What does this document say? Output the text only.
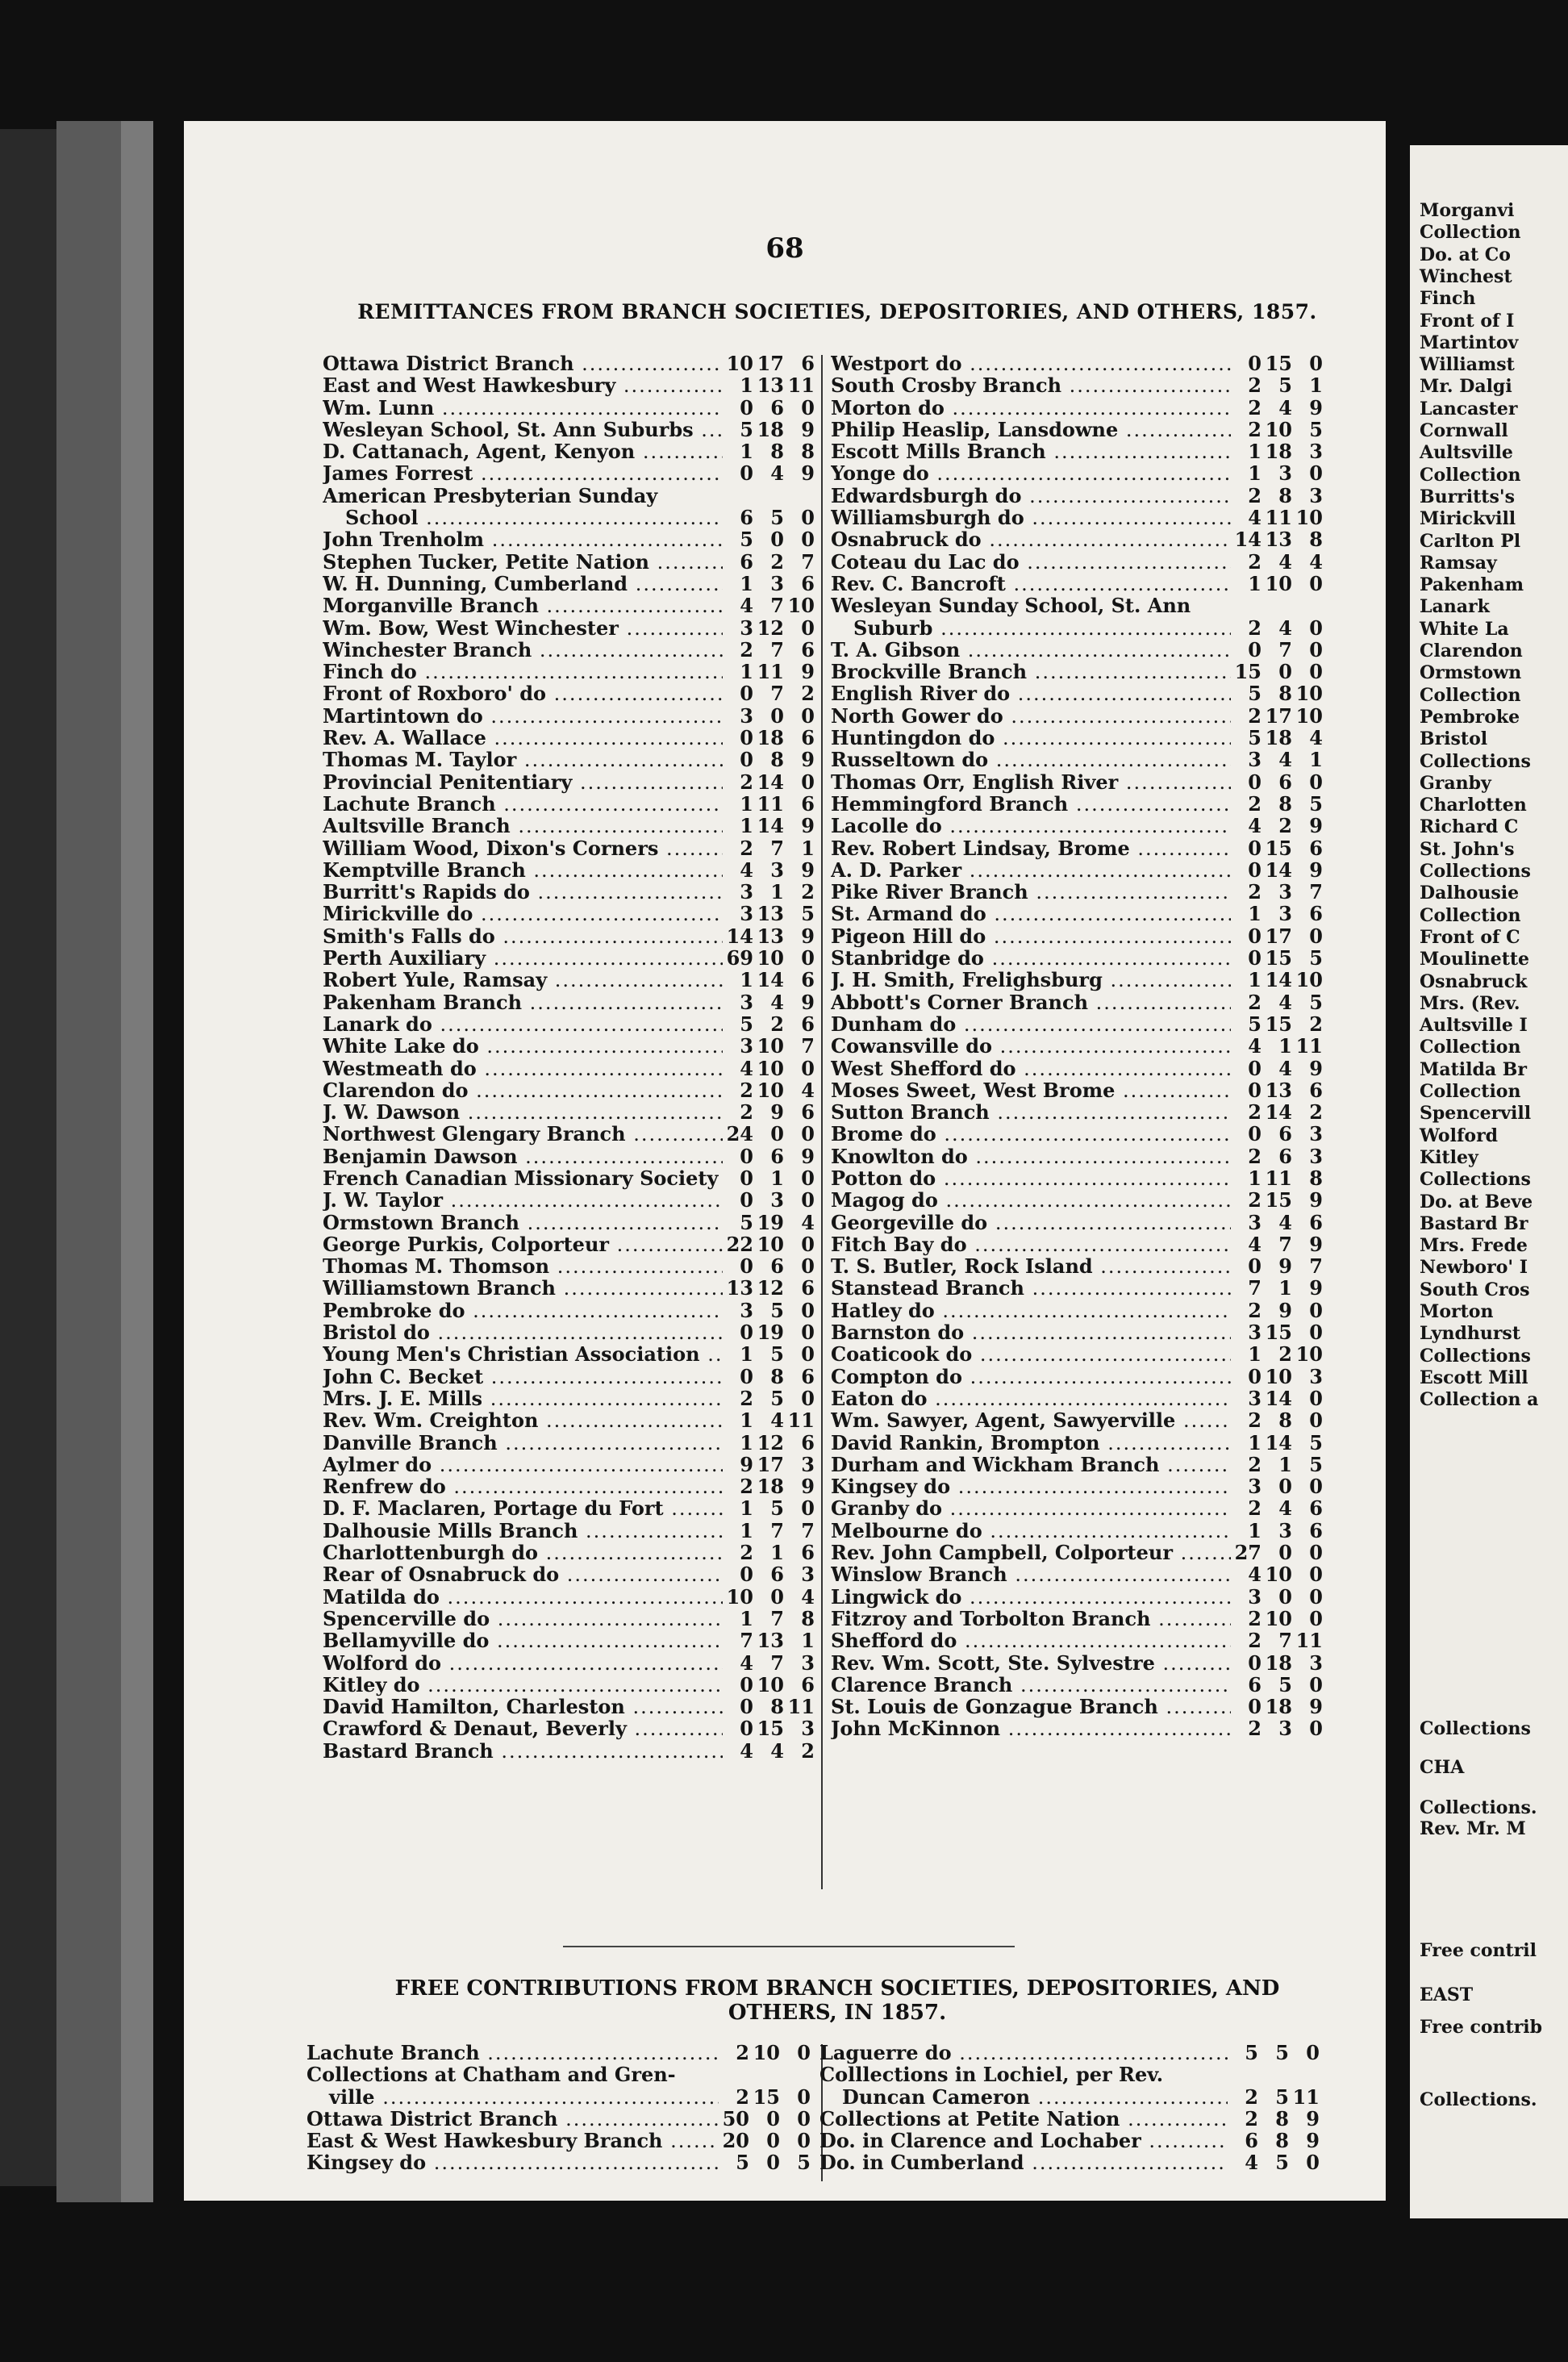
68
REMITTANCES FROM BRANCH SOCIETIES, DEPOSITORIES, AND OTHERS, 1857.
Ottawa District Branch .....	10 17 6
East and West Hawkesbury .....	1 13 11
Wm. Lunn .....	0 6 0
Wesleyan School, St. Ann Suburbs .....	5 18 9
D. Cattanach, Agent, Kenyon .....	1 8 8
James Forrest .....	0 4 9
American Presbyterian Sunday
School .....	6 5 0
John Trenholm .....	5 0 0
Stephen Tucker, Petite Nation .....	6 2 7
W. H. Dunning, Cumberland .....	1 3 6
Morganville Branch .....	4 7 10
Wm. Bow, West Winchester .....	3 12 0
Winchester Branch .....	2 7 6
Finch do .....	1 11 9
Front of Roxboro' do .....	0 7 2
Martintown do .....	3 0 0
Rev. A. Wallace .....	0 18 6
Thomas M. Taylor .....	0 8 9
Provincial Penitentiary .....	2 14 0
Lachute Branch .....	1 11 6
Aultsville Branch .....	1 14 9
William Wood, Dixon's Corners .....	2 7 1
Kemptville Branch .....	4 3 9
Burritt's Rapids do .....	3 1 2
Mirickville do .....	3 13 5
Smith's Falls do .....	14 13 9
Perth Auxiliary .....	69 10 0
Robert Yule, Ramsay .....	1 14 6
Pakenham Branch .....	3 4 9
Lanark do .....	5 2 6
White Lake do .....	3 10 7
Westmeath do .....	4 10 0
Clarendon do .....	2 10 4
J. W. Dawson .....	2 9 6
Northwest Glengary Branch .....	24 0 0
Benjamin Dawson .....	0 6 9
French Canadian Missionary Society .....	0 1 0
J. W. Taylor .....	0 3 0
Ormstown Branch .....	5 19 4
George Purkis, Colporteur .....	22 10 0
Thomas M. Thomson .....	0 6 0
Williamstown Branch .....	13 12 6
Pembroke do .....	3 5 0
Bristol do .....	0 19 0
Young Men's Christian Association .....	1 5 0
John C. Becket .....	0 8 6
Mrs. J. E. Mills .....	2 5 0
Rev. Wm. Creighton .....	1 4 11
Danville Branch .....	1 12 6
Aylmer do .....	9 17 3
Renfrew do .....	2 18 9
D. F. Maclaren, Portage du Fort .....	1 5 0
Dalhousie Mills Branch .....	1 7 7
Charlottenburgh do .....	2 1 6
Rear of Osnabruck do .....	0 6 3
Matilda do .....	10 0 4
Spencerville do .....	1 7 8
Bellamyville do .....	7 13 1
Wolford do .....	4 7 3
Kitley do .....	0 10 6
David Hamilton, Charleston .....	0 8 11
Crawford & Denaut, Beverly .....	0 15 3
Bastard Branch .....	4 4 2
Westport do .....	0 15 0
South Crosby Branch .....	2 5 1
Morton do .....	2 4 9
Philip Heaslip, Lansdowne .....	2 10 5
Escott Mills Branch .....	1 18 3
Yonge do .....	1 3 0
Edwardsburgh do .....	2 8 3
Williamsburgh do .....	4 11 10
Osnabruck do .....	14 13 8
Coteau du Lac do .....	2 4 4
Rev. C. Bancroft .....	1 10 0
Wesleyan Sunday School, St. Ann
Suburb .....	2 4 0
T. A. Gibson .....	0 7 0
Brockville Branch .....	15 0 0
English River do .....	5 8 10
North Gower do .....	2 17 10
Huntingdon do .....	5 18 4
Russeltown do .....	3 4 1
Thomas Orr, English River .....	0 6 0
Hemmingford Branch .....	2 8 5
Lacolle do .....	4 2 9
Rev. Robert Lindsay, Brome .....	0 15 6
A. D. Parker .....	0 14 9
Pike River Branch .....	2 3 7
St. Armand do .....	1 3 6
Pigeon Hill do .....	0 17 0
Stanbridge do .....	0 15 5
J. H. Smith, Frelighsburg .....	1 14 10
Abbott's Corner Branch .....	2 4 5
Dunham do .....	5 15 2
Cowansville do .....	4 1 11
West Shefford do .....	0 4 9
Moses Sweet, West Brome .....	0 13 6
Sutton Branch .....	2 14 2
Brome do .....	0 6 3
Knowlton do .....	2 6 3
Potton do .....	1 11 8
Magog do .....	2 15 9
Georgeville do .....	3 4 6
Fitch Bay do .....	4 7 9
T. S. Butler, Rock Island .....	0 9 7
Stanstead Branch .....	7 1 9
Hatley do .....	2 9 0
Barnston do .....	3 15 0
Coaticook do .....	1 2 10
Compton do .....	0 10 3
Eaton do .....	3 14 0
Wm. Sawyer, Agent, Sawyerville .....	2 8 0
David Rankin, Brompton .....	1 14 5
Durham and Wickham Branch .....	2 1 5
Kingsey do .....	3 0 0
Granby do .....	2 4 6
Melbourne do .....	1 3 6
Rev. John Campbell, Colporteur .....	27 0 0
Winslow Branch .....	4 10 0
Lingwick do .....	3 0 0
Fitzroy and Torbolton Branch .....	2 10 0
Shefford do .....	2 7 11
Rev. Wm. Scott, Ste. Sylvestre .....	0 18 3
Clarence Branch .....	6 5 0
St. Louis de Gonzague Branch .....	0 18 9
John McKinnon .....	2 3 0
FREE CONTRIBUTIONS FROM BRANCH SOCIETIES, DEPOSITORIES, AND
OTHERS, IN 1857.
Lachute Branch .....	2 10 0
Collections at Chatham and Gren-
ville .....	2 15 0
Ottawa District Branch .....	50 0 0
East & West Hawkesbury Branch .....	20 0 0
Kingsey do .....	5 0 5
Laguerre do .....	5 5 0
Colllections in Lochiel, per Rev.
Duncan Cameron .....	2 5 11
Collections at Petite Nation .....	2 8 9
Do. in Clarence and Lochaber .....	6 8 9
Do. in Cumberland .....	4 5 0
Morganvi
Collection
Do. at Co
Winchest
Finch
Front of I
Martintov
Williamst
Mr. Dalgi
Lancaster
Cornwall
Aultsville
Collection
Burritts's
Mirickvill
Carlton Pl
Ramsay
Pakenham
Lanark
White La
Clarendon
Ormstown
Collection
Pembroke
Bristol
Collections
Granby
Charlotten
Richard C
St. John's
Collections
Dalhousie
Collection
Front of C
Moulinette
Osnabruck
Mrs. (Rev.
Aultsville I
Collection
Matilda Br
Collection
Spencervill
Wolford
Kitley
Collections
Do. at Beve
Bastard Br
Mrs. Frede
Newboro' I
South Cros
Morton
Lyndhurst
Collections
Escott Mill
Collection a
Collections
CHA
Collections.
Rev. Mr. M
Free contril
EAST
Free contrib
Collections.
